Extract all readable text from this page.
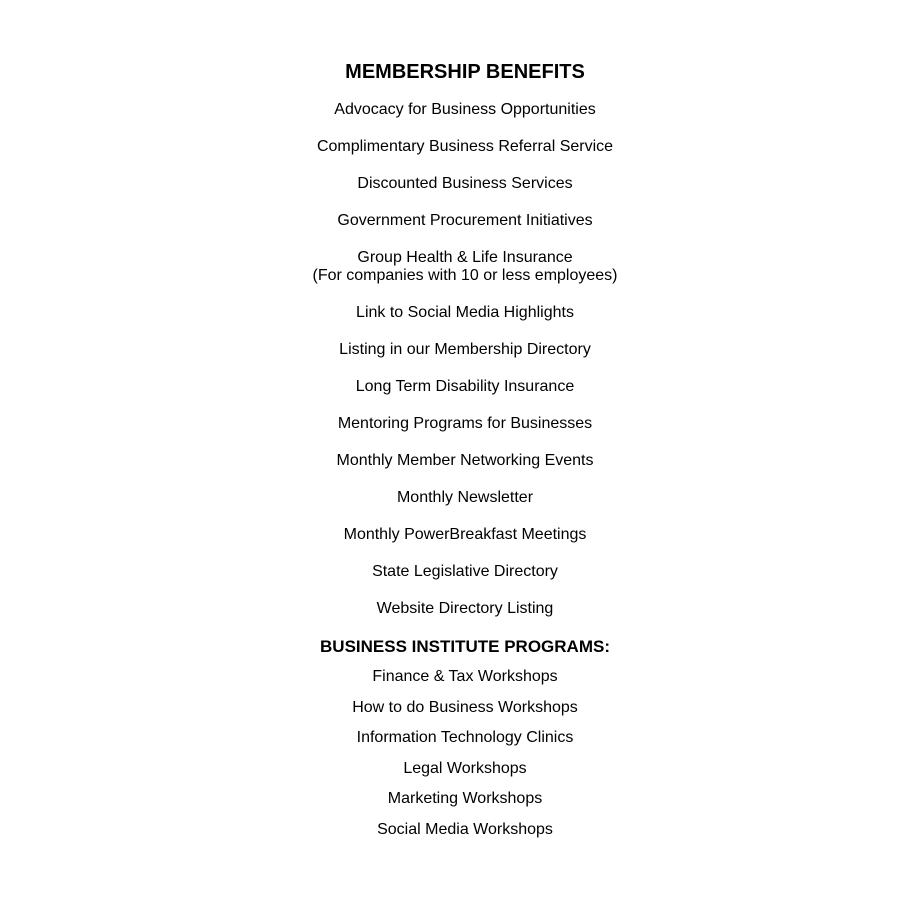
MEMBERSHIP BENEFITS

Advocacy for Business Opportunities

Complimentary Business Referral Service

Discounted Business Services

Government Procurement Initiatives

Group Health & Life Insurance
(For companies with 10 or less employees)

Link to Social Media Highlights

Listing in our Membership Directory

Long Term Disability Insurance

Mentoring Programs for Businesses

Monthly Member Networking Events

Monthly Newsletter

Monthly PowerBreakfast Meetings

State Legislative Directory

Website Directory Listing

BUSINESS INSTITUTE PROGRAMS:

Finance & Tax Workshops

How to do Business Workshops

Information Technology Clinics

Legal Workshops

Marketing Workshops

Social Media Workshops
